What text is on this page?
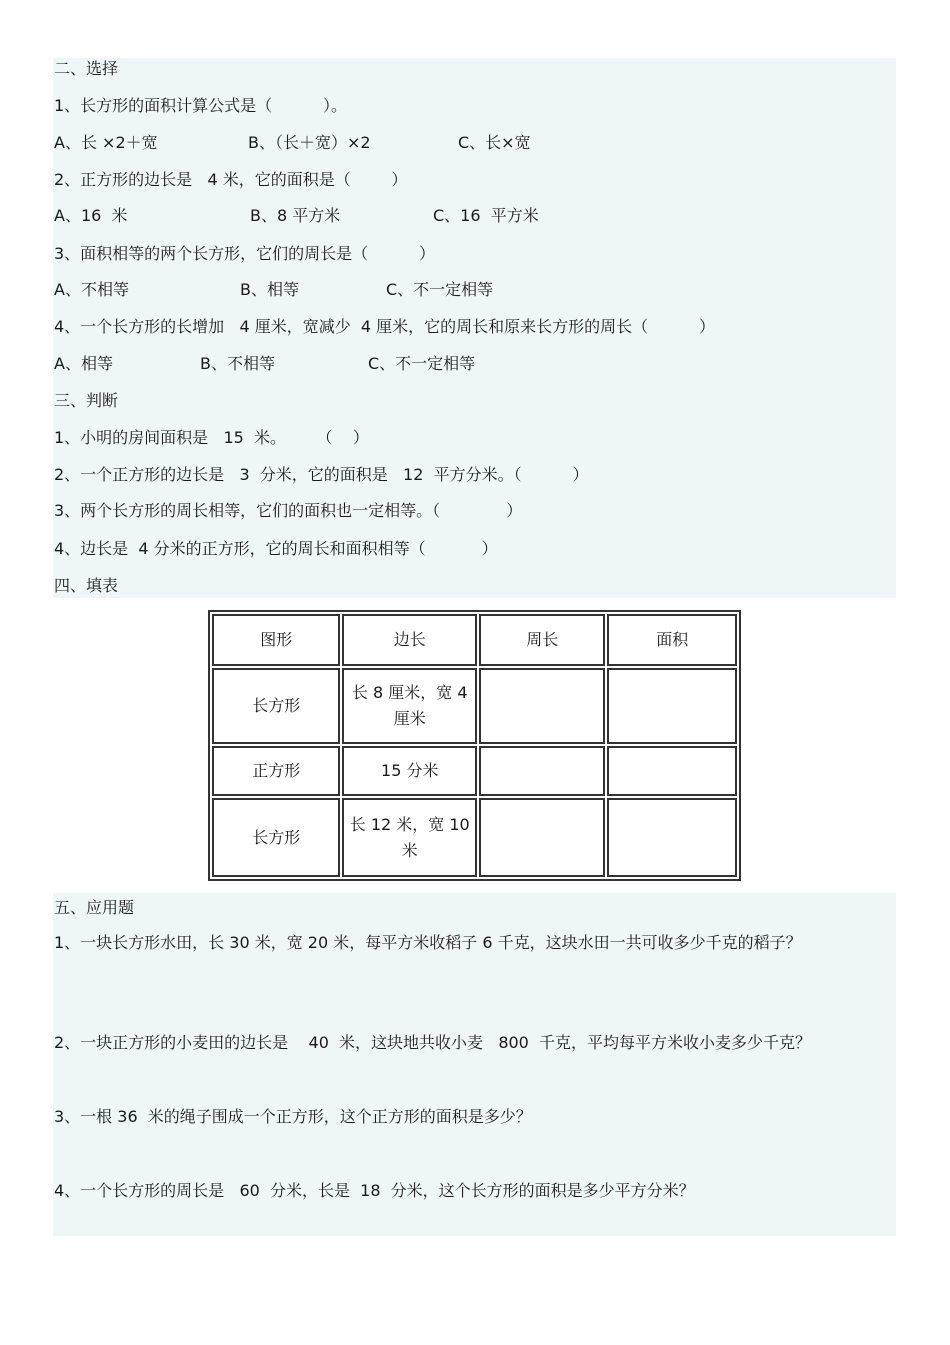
二、选择
1、长方形的面积计算公式是（          ）。
A、长 ×2＋宽	B、（长＋宽）×2	C、长×宽
2、正方形的边长是   4 米，它的面积是（        ）
A、16  米	B、8 平方米	C、16  平方米
3、面积相等的两个长方形，它们的周长是（          ）
A、不相等	B、相等	C、不一定相等
4、一个长方形的长增加   4 厘米，宽减少  4 厘米，它的周长和原来长方形的周长（          ）
A、相等	B、不相等	C、不一定相等
三、判断
1、小明的房间面积是   15  米。      （    ）
2、一个正方形的边长是   3  分米，它的面积是   12  平方分米。（          ）
3、两个长方形的周长相等，它们的面积也一定相等。（             ）
4、边长是  4 分米的正方形，它的周长和面积相等（           ）
四、填表
图形	边长	周长	面积
长方形	长 8 厘米，宽 4 厘米		
正方形	15 分米		
长方形	长 12 米，宽 10 米		
五、应用题
1、一块长方形水田，长 30 米，宽 20 米，每平方米收稻子 6 千克，这块水田一共可收多少千克的稻子？
2、一块正方形的小麦田的边长是    40  米，这块地共收小麦   800  千克，平均每平方米收小麦多少千克？
3、一根 36  米的绳子围成一个正方形，这个正方形的面积是多少？
4、一个长方形的周长是   60  分米，长是  18  分米，这个长方形的面积是多少平方分米？
